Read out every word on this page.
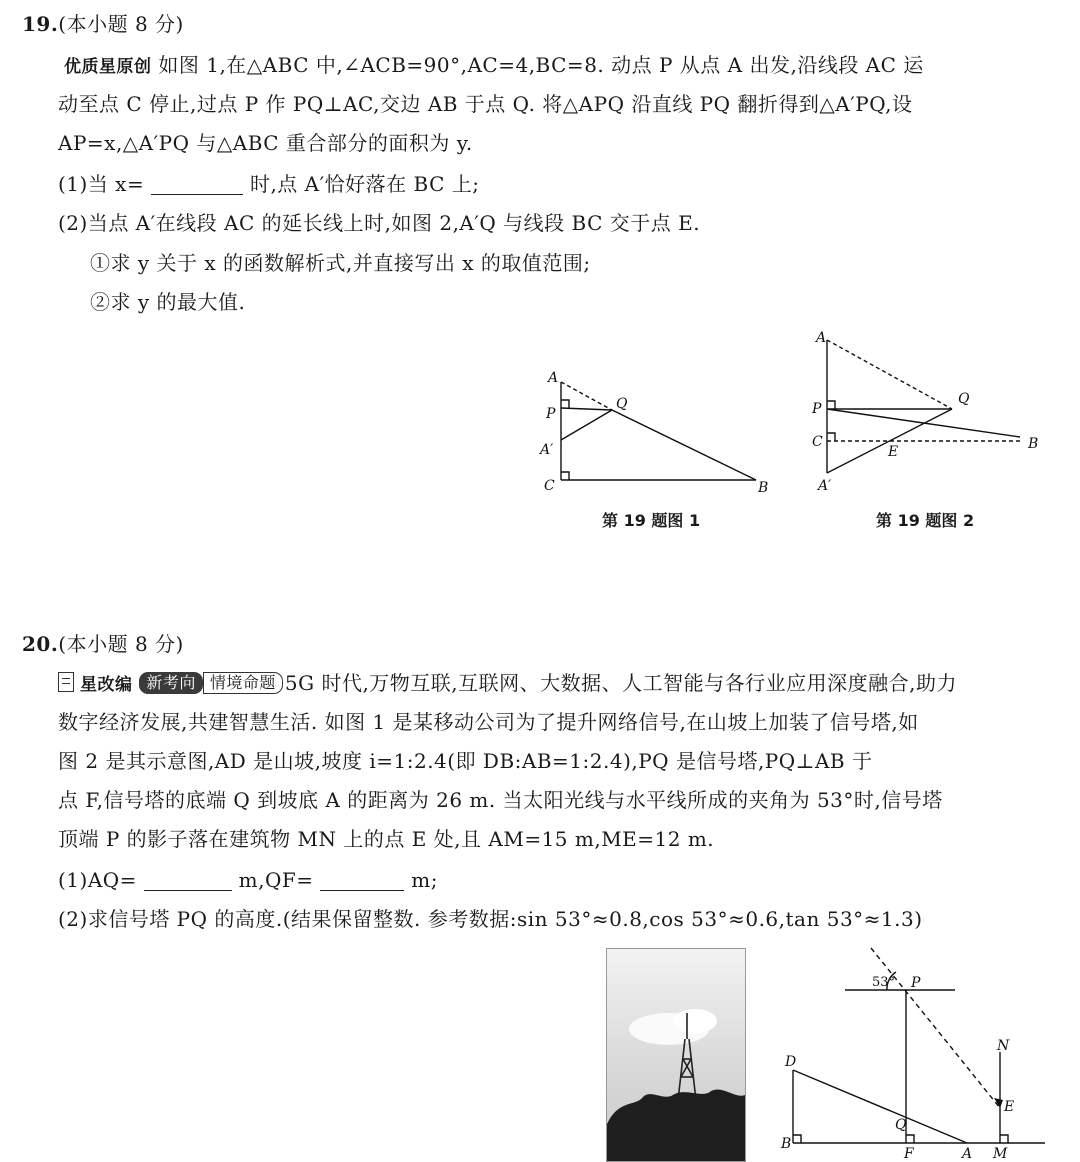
19.(本小题 8 分)
优质星原创 如图 1,在△ABC 中,∠ACB=90°,AC=4,BC=8. 动点 P 从点 A 出发,沿线段 AC 运
动至点 C 停止,过点 P 作 PQ⊥AC,交边 AB 于点 Q. 将△APQ 沿直线 PQ 翻折得到△A′PQ,设
AP=x,△A′PQ 与△ABC 重合部分的面积为 y.
(1)当 x=	时,点 A′恰好落在 BC 上;
(2)当点 A′在线段 AC 的延长线上时,如图 2,A′Q 与线段 BC 交于点 E.
①求 y 关于 x 的函数解析式,并直接写出 x 的取值范围;
②求 y 的最大值.
A
P
Q
A′
C	B
第 19 题图 1
A
P
Q
C
E	B
A′
第 19 题图 2
20.(本小题 8 分)
星改编 新考向 情境命题 5G 时代,万物互联,互联网、大数据、人工智能与各行业应用深度融合,助力
数字经济发展,共建智慧生活. 如图 1 是某移动公司为了提升网络信号,在山坡上加装了信号塔,如
图 2 是其示意图,AD 是山坡,坡度 i=1:2.4(即 DB:AB=1:2.4),PQ 是信号塔,PQ⊥AB 于
点 F,信号塔的底端 Q 到坡底 A 的距离为 26 m. 当太阳光线与水平线所成的夹角为 53°时,信号塔
顶端 P 的影子落在建筑物 MN 上的点 E 处,且 AM=15 m,ME=12 m.
(1)AQ=	m,QF=	m;
(2)求信号塔 PQ 的高度.(结果保留整数. 参考数据:sin 53°≈0.8,cos 53°≈0.6,tan 53°≈1.3)
53° P
N
D
E
Q
B
F	A M
